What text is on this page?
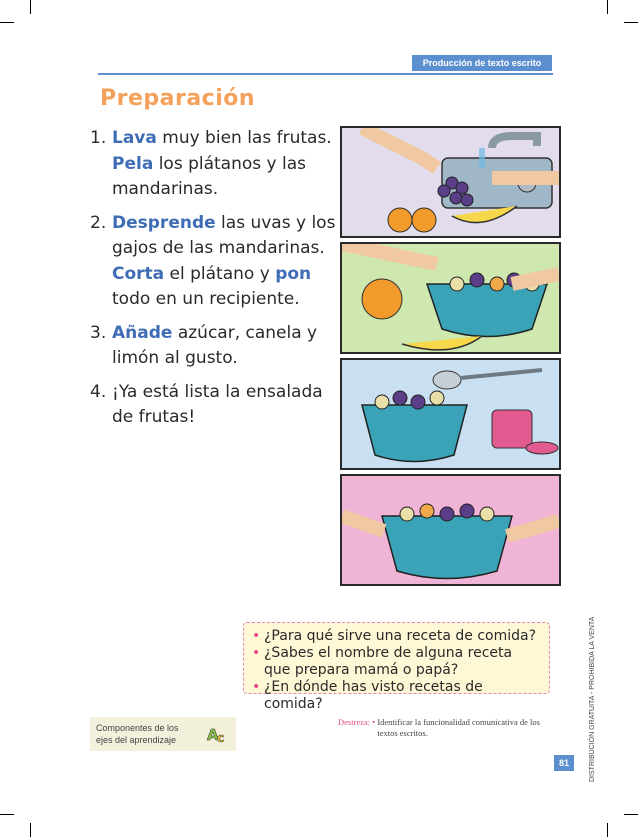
Producción de texto escrito
Preparación
1. Lava muy bien las frutas. Pela los plátanos y las mandarinas.
2. Desprende las uvas y los gajos de las mandarinas. Corta el plátano y pon todo en un recipiente.
3. Añade azúcar, canela y limón al gusto.
4. ¡Ya está lista la ensalada de frutas!
• ¿Para qué sirve una receta de comida?
• ¿Sabes el nombre de alguna receta que prepara mamá o papá?
• ¿En dónde has visto recetas de comida?
Componentes de los ejes del aprendizaje	A
c
Destreza: • Identificar la funcionalidad comunicativa de los textos escritos.
81	DISTRIBUCIÓN GRATUITA - PROHIBIDA LA VENTA
